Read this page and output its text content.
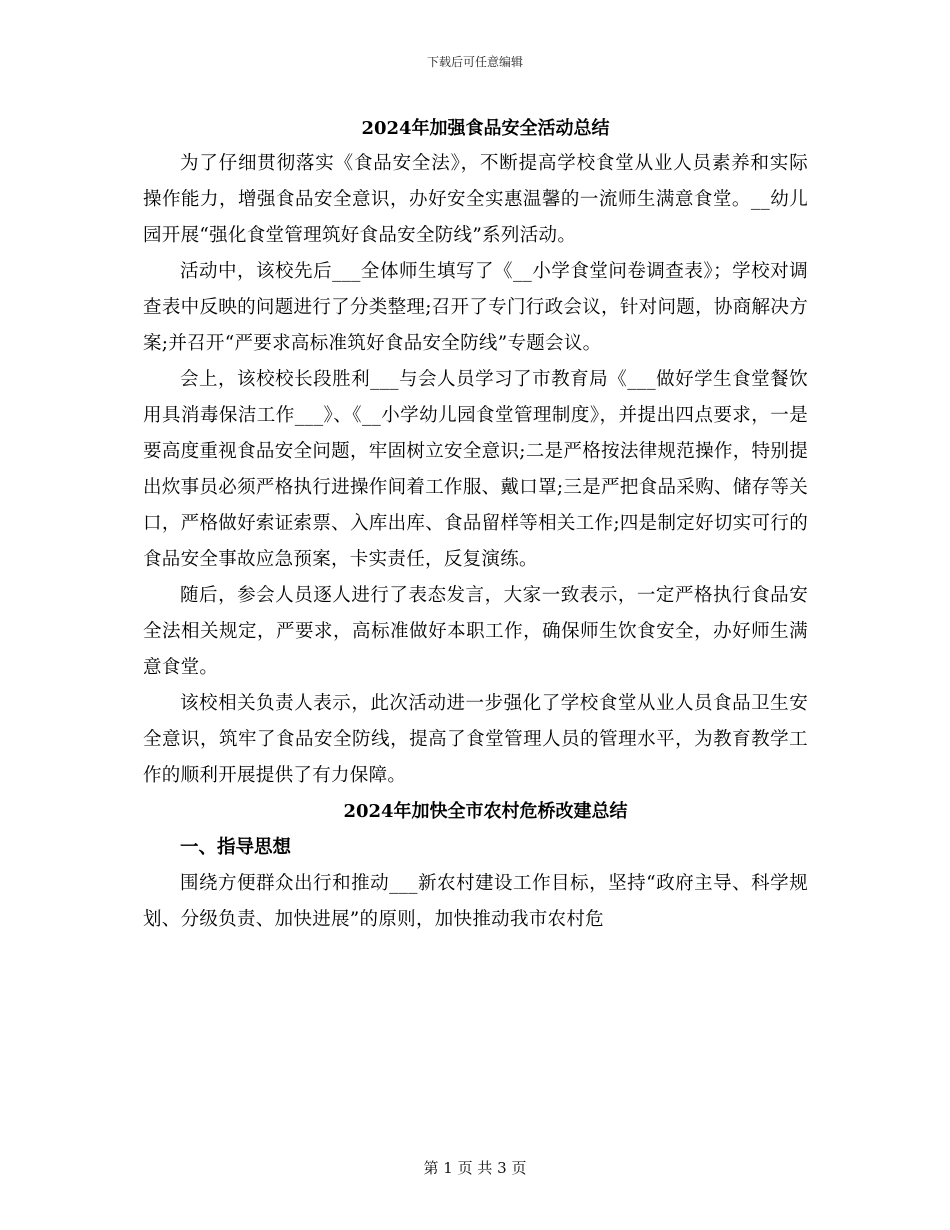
下载后可任意编辑
2024年加强食品安全活动总结

为了仔细贯彻落实《食品安全法》，不断提高学校食堂从业人员素养和实际操作能力，增强食品安全意识，办好安全实惠温馨的一流师生满意食堂。__幼儿园开展“强化食堂管理筑好食品安全防线”系列活动。

活动中，该校先后___全体师生填写了《__小学食堂问卷调查表》；学校对调查表中反映的问题进行了分类整理;召开了专门行政会议，针对问题，协商解决方案;并召开“严要求高标准筑好食品安全防线”专题会议。

会上，该校校长段胜利___与会人员学习了市教育局《___做好学生食堂餐饮用具消毒保洁工作___》、《__小学幼儿园食堂管理制度》，并提出四点要求，一是要高度重视食品安全问题，牢固树立安全意识;二是严格按法律规范操作，特别提出炊事员必须严格执行进操作间着工作服、戴口罩;三是严把食品采购、储存等关口，严格做好索证索票、入库出库、食品留样等相关工作;四是制定好切实可行的食品安全事故应急预案，卡实责任，反复演练。

随后，参会人员逐人进行了表态发言，大家一致表示，一定严格执行食品安全法相关规定，严要求，高标准做好本职工作，确保师生饮食安全，办好师生满意食堂。

该校相关负责人表示，此次活动进一步强化了学校食堂从业人员食品卫生安全意识，筑牢了食品安全防线，提高了食堂管理人员的管理水平，为教育教学工作的顺利开展提供了有力保障。

2024年加快全市农村危桥改建总结
一、指导思想

围绕方便群众出行和推动___新农村建设工作目标，坚持“政府主导、科学规划、分级负责、加快进展”的原则，加快推动我市农村危

第 1 页 共 3 页
